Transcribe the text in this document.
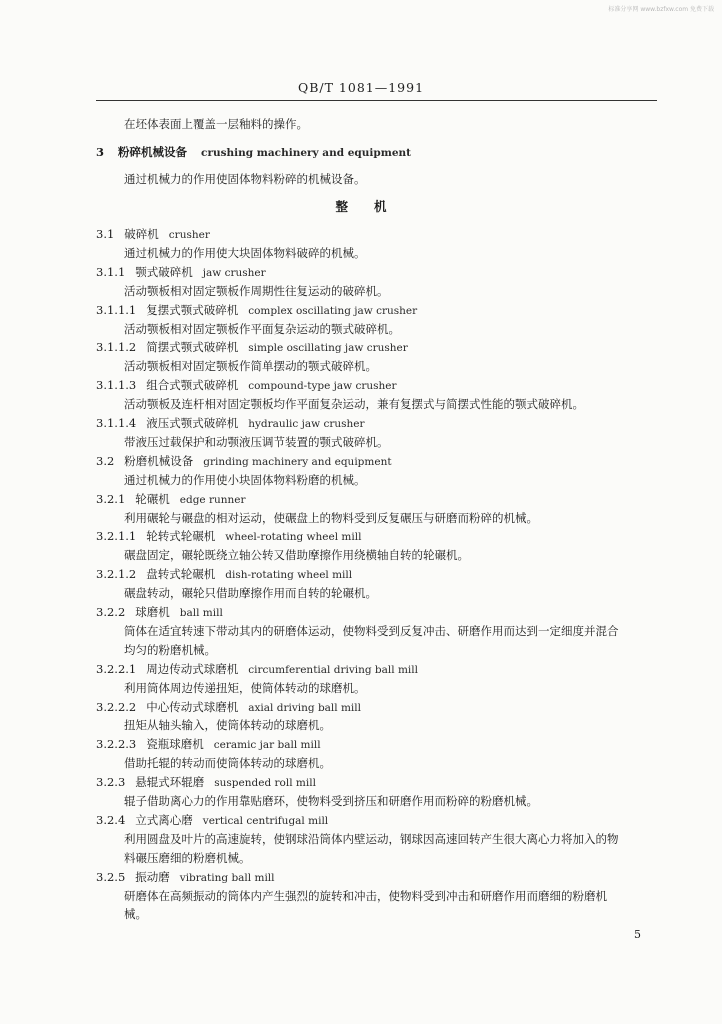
标准分享网 www.bzfxw.com 免费下载
QB/T 1081—1991
在坯体表面上覆盖一层釉料的操作。
3 粉碎机械设备 crushing machinery and equipment
通过机械力的作用使固体物料粉碎的机械设备。
整机
3.1 破碎机 crusher
通过机械力的作用使大块固体物料破碎的机械。
3.1.1 颚式破碎机 jaw crusher
活动颚板相对固定颚板作周期性往复运动的破碎机。
3.1.1.1 复摆式颚式破碎机 complex oscillating jaw crusher
活动颚板相对固定颚板作平面复杂运动的颚式破碎机。
3.1.1.2 简摆式颚式破碎机 simple oscillating jaw crusher
活动颚板相对固定颚板作简单摆动的颚式破碎机。
3.1.1.3 组合式颚式破碎机 compound-type jaw crusher
活动颚板及连杆相对固定颚板均作平面复杂运动，兼有复摆式与简摆式性能的颚式破碎机。
3.1.1.4 液压式颚式破碎机 hydraulic jaw crusher
带液压过载保护和动颚液压调节装置的颚式破碎机。
3.2 粉磨机械设备 grinding machinery and equipment
通过机械力的作用使小块固体物料粉磨的机械。
3.2.1 轮碾机 edge runner
利用碾轮与碾盘的相对运动，使碾盘上的物料受到反复碾压与研磨而粉碎的机械。
3.2.1.1 轮转式轮碾机 wheel-rotating wheel mill
碾盘固定，碾轮既绕立轴公转又借助摩擦作用绕横轴自转的轮碾机。
3.2.1.2 盘转式轮碾机 dish-rotating wheel mill
碾盘转动，碾轮只借助摩擦作用而自转的轮碾机。
3.2.2 球磨机 ball mill
筒体在适宜转速下带动其内的研磨体运动，使物料受到反复冲击、研磨作用而达到一定细度并混合
均匀的粉磨机械。
3.2.2.1 周边传动式球磨机 circumferential driving ball mill
利用筒体周边传递扭矩，使筒体转动的球磨机。
3.2.2.2 中心传动式球磨机 axial driving ball mill
扭矩从轴头输入，使筒体转动的球磨机。
3.2.2.3 瓷瓶球磨机 ceramic jar ball mill
借助托辊的转动而使筒体转动的球磨机。
3.2.3 悬辊式环辊磨 suspended roll mill
辊子借助离心力的作用靠贴磨环，使物料受到挤压和研磨作用而粉碎的粉磨机械。
3.2.4 立式离心磨 vertical centrifugal mill
利用圆盘及叶片的高速旋转，使钢球沿筒体内壁运动，钢球因高速回转产生很大离心力将加入的物
料碾压磨细的粉磨机械。
3.2.5 振动磨 vibrating ball mill
研磨体在高频振动的筒体内产生强烈的旋转和冲击，使物料受到冲击和研磨作用而磨细的粉磨机
械。
5
